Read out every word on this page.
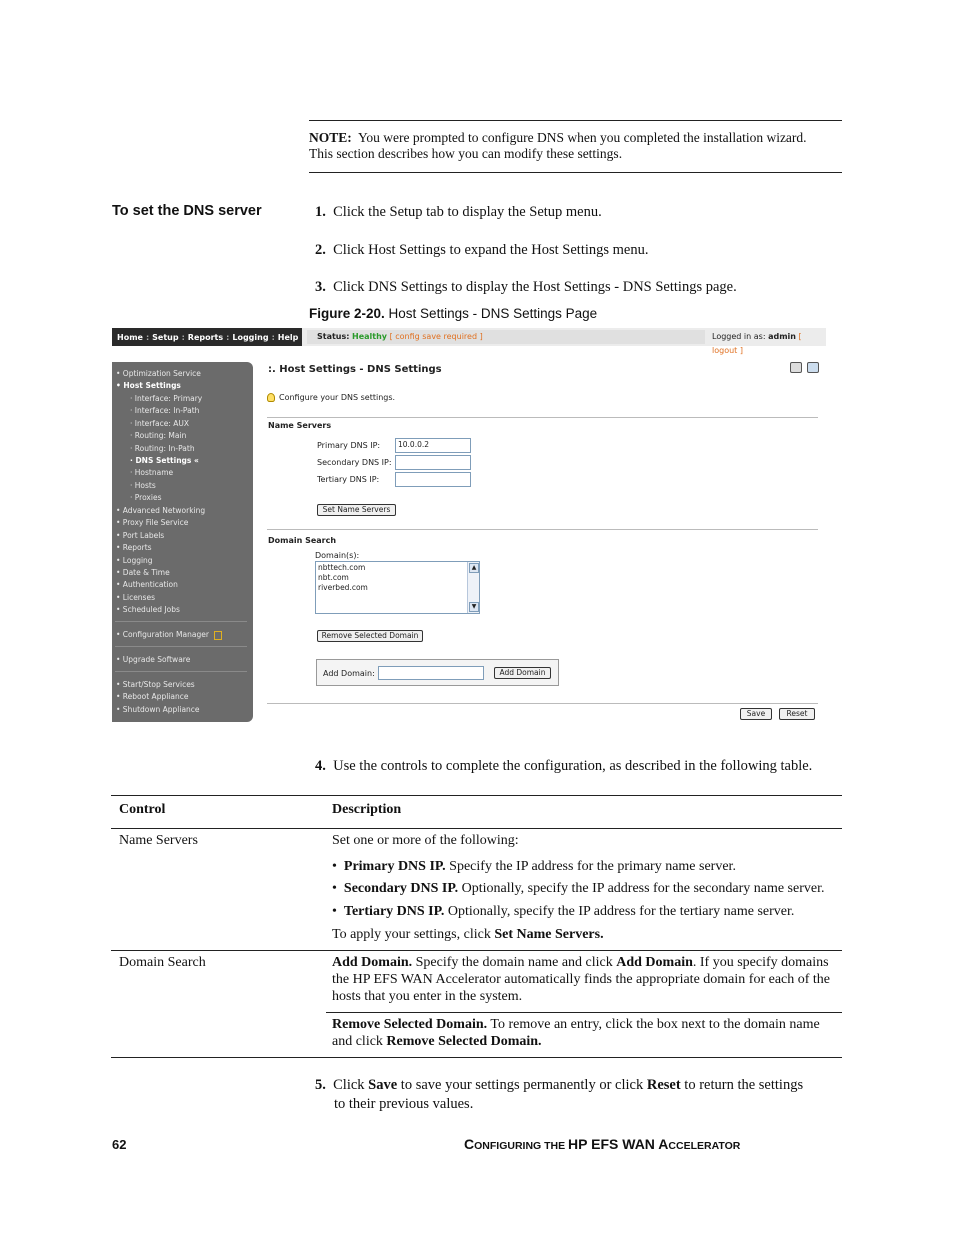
NOTE: You were prompted to configure DNS when you completed the installation wizard.
This section describes how you can modify these settings.
To set the DNS server	1. Click the Setup tab to display the Setup menu.
2. Click Host Settings to expand the Host Settings menu.
3. Click DNS Settings to display the Host Settings - DNS Settings page.
Figure 2-20. Host Settings - DNS Settings Page
Home : Setup : Reports : Logging : Help	Status: Healthy [ config save required ]	Logged in as: admin [ logout ]
• Optimization Service
• Host Settings
· Interface: Primary
· Interface: In-Path
· Interface: AUX
· Routing: Main
· Routing: In-Path
· DNS Settings «
· Hostname
· Hosts
· Proxies
• Advanced Networking
• Proxy File Service
• Port Labels
• Reports
• Logging
• Date & Time
• Authentication
• Licenses
• Scheduled Jobs
• Configuration Manager
• Upgrade Software
• Start/Stop Services
• Reboot Appliance
• Shutdown Appliance
:. Host Settings - DNS Settings

Configure your DNS settings.
Name Servers
Primary DNS IP:	10.0.0.2
Secondary DNS IP:
Tertiary DNS IP:
Set Name Servers
Domain Search
Domain(s):
nbttech.com
nbt.com
riverbed.com
▲
▼
Remove Selected Domain
Add Domain:	Add Domain
Save	Reset
4. Use the controls to complete the configuration, as described in the following table.
Control	Description
Name Servers	Set one or more of the following:
•  Primary DNS IP. Specify the IP address for the primary name server.
•  Secondary DNS IP. Optionally, specify the IP address for the secondary name server.
•  Tertiary DNS IP. Optionally, specify the IP address for the tertiary name server.
To apply your settings, click Set Name Servers.
Domain Search	Add Domain. Specify the domain name and click Add Domain. If you specify domains
the HP EFS WAN Accelerator automatically finds the appropriate domain for each of the
hosts that you enter in the system.
Remove Selected Domain. To remove an entry, click the box next to the domain name
and click Remove Selected Domain.
5. Click Save to save your settings permanently or click Reset to return the settings
to their previous values.
62	CONFIGURING THE HP EFS WAN ACCELERATOR
